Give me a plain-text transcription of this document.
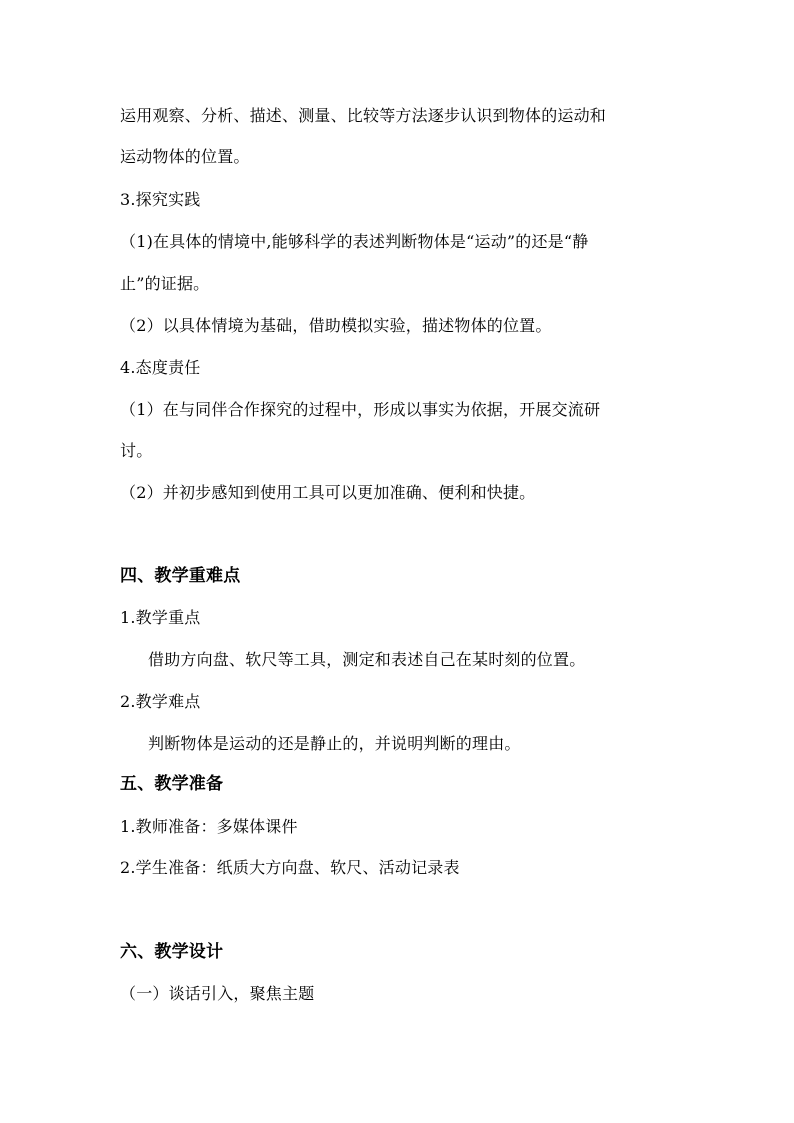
运用观察、分析、描述、测量、比较等方法逐步认识到物体的运动和
运动物体的位置。
3.探究实践
（1)在具体的情境中,能够科学的表述判断物体是“运动”的还是“静
止”的证据。
（2）以具体情境为基础，借助模拟实验，描述物体的位置。
4.态度责任
（1）在与同伴合作探究的过程中，形成以事实为依据，开展交流研
讨。
（2）并初步感知到使用工具可以更加准确、便利和快捷。
四、教学重难点
1.教学重点
借助方向盘、软尺等工具，测定和表述自己在某时刻的位置。
2.教学难点
判断物体是运动的还是静止的，并说明判断的理由。
五、教学准备
1.教师准备：多媒体课件
2.学生准备：纸质大方向盘、软尺、活动记录表
六、教学设计
（一）谈话引入，聚焦主题
